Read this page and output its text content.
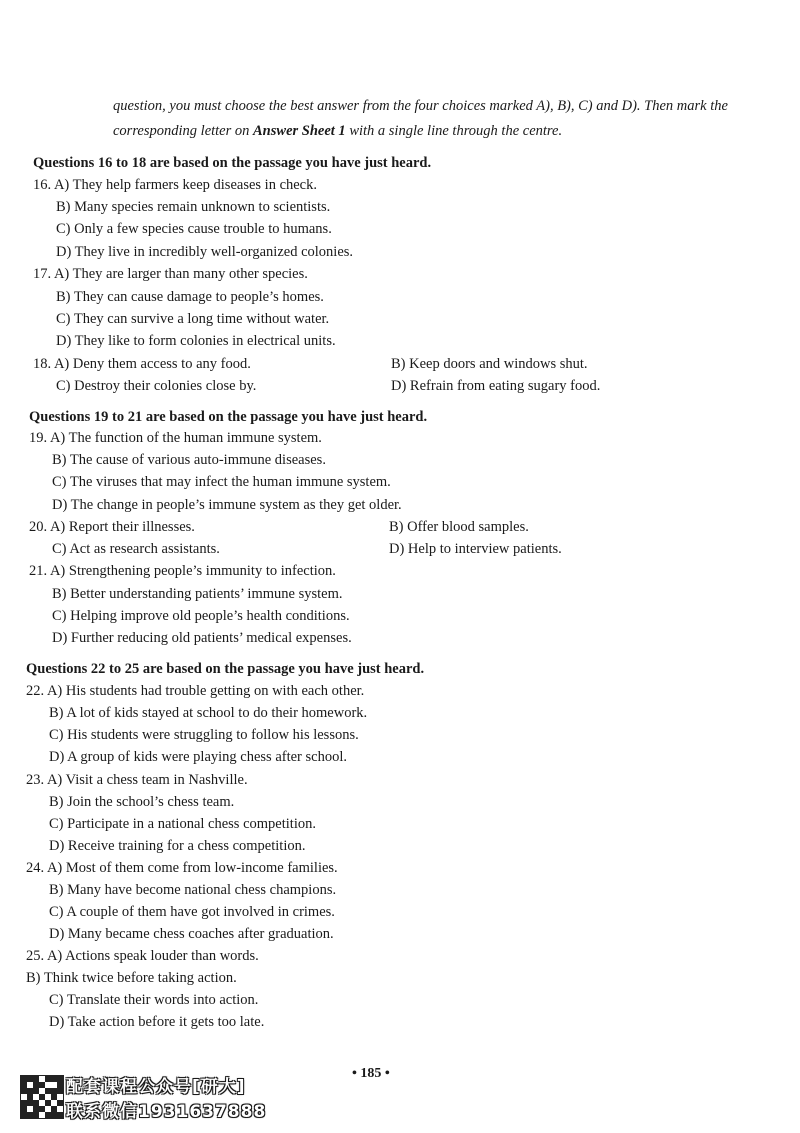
question, you must choose the best answer from the four choices marked A), B), C) and D). Then mark the corresponding letter on Answer Sheet 1 with a single line through the centre.
Questions 16 to 18 are based on the passage you have just heard.
16. A) They help farmers keep diseases in check.
B) Many species remain unknown to scientists.
C) Only a few species cause trouble to humans.
D) They live in incredibly well-organized colonies.
17. A) They are larger than many other species.
B) They can cause damage to people’s homes.
C) They can survive a long time without water.
D) They like to form colonies in electrical units.
18. A) Deny them access to any food.	B) Keep doors and windows shut.
C) Destroy their colonies close by.	D) Refrain from eating sugary food.
Questions 19 to 21 are based on the passage you have just heard.
19. A) The function of the human immune system.
B) The cause of various auto-immune diseases.
C) The viruses that may infect the human immune system.
D) The change in people’s immune system as they get older.
20. A) Report their illnesses.	B) Offer blood samples.
C) Act as research assistants.	D) Help to interview patients.
21. A) Strengthening people’s immunity to infection.
B) Better understanding patients’ immune system.
C) Helping improve old people’s health conditions.
D) Further reducing old patients’ medical expenses.
Questions 22 to 25 are based on the passage you have just heard.
22. A) His students had trouble getting on with each other.
B) A lot of kids stayed at school to do their homework.
C) His students were struggling to follow his lessons.
D) A group of kids were playing chess after school.
23. A) Visit a chess team in Nashville.
B) Join the school’s chess team.
C) Participate in a national chess competition.
D) Receive training for a chess competition.
24. A) Most of them come from low-income families.
B) Many have become national chess champions.
C) A couple of them have got involved in crimes.
D) Many became chess coaches after graduation.
25. A) Actions speak louder than words.
B) Think twice before taking action.
C) Translate their words into action.
D) Take action before it gets too late.
• 185 •
配套课程公众号[研大]
联系微信1931637888
